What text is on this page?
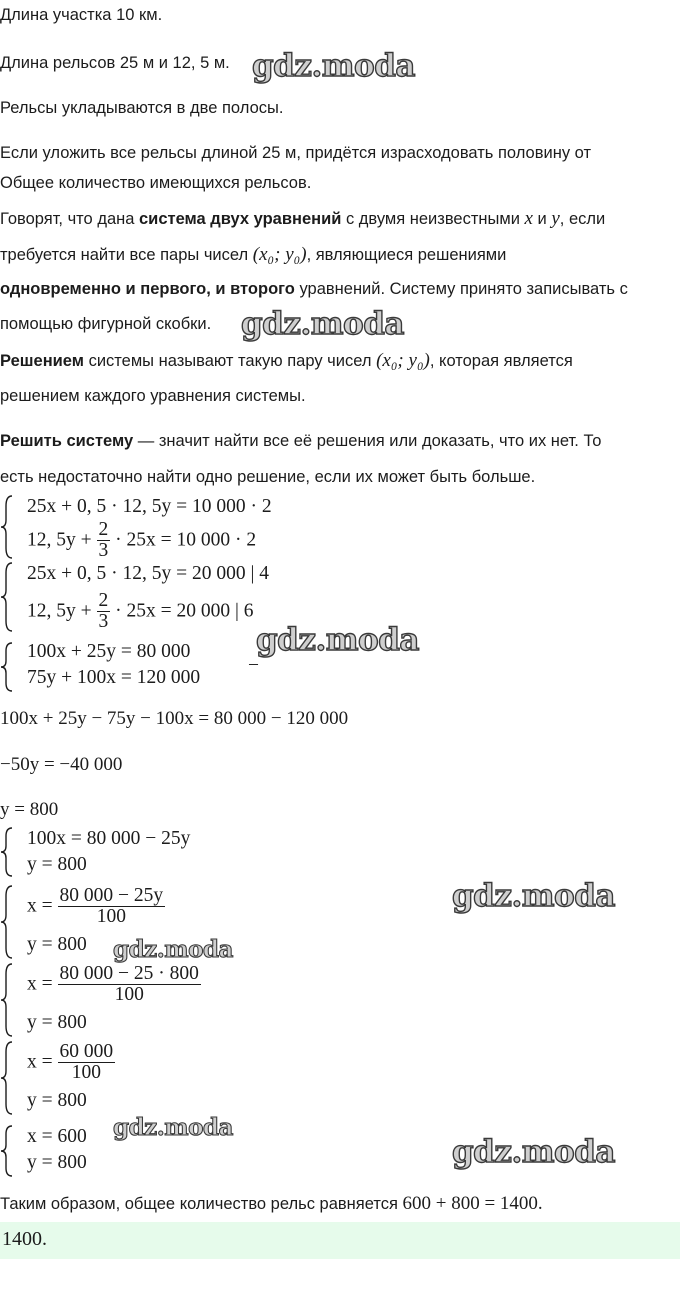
Длина участка 10 км.
Длина рельсов 25 м и 12, 5 м.
Рельсы укладываются в две полосы.
Если уложить все рельсы длиной 25 м, придётся израсходовать половину от
Общее количество имеющихся рельсов.
Говорят, что дана система двух уравнений с двумя неизвестными x и y, если
требуется найти все пары чисел (x₀; y₀), являющиеся решениями
одновременно и первого, и второго уравнений. Систему принято записывать с
помощью фигурной скобки.
Решением системы называют такую пару чисел (x₀; y₀), которая является
решением каждого уравнения системы.
Решить систему — значит найти все её решения или доказать, что их нет. То
есть недостаточно найти одно решение, если их может быть больше.
25x + 0, 5 · 12, 5y = 10 000 · 2
12, $5y + \frac{2}{3} \cdot 25x = 10$ 000 · 2
25x + 0, 5 · 12, 5y = 20 000 | 4
12, $5y + \frac{2}{3} \cdot 25x = 20$ 000 | 6
100x + 25y = 80 000
75y + 100x = 120 000
−
100x + 25y − 75y − 100x = 80 000 − 120 000
−50y = −40 000
y = 800
100x = 80 000 − 25y
y = 800
$x = \frac{80 000 - 25y}{100}$
y = 800
$x = \frac{80 000 - 25 \cdot 800}{100}$
y = 800
$x = \frac{60 000}{100}$
y = 800
x = 600
y = 800
Таким образом, общее количество рельс равняется 600 + 800 = 1400.
1400.
gdz.moda
gdz.moda
gdz.moda
gdz.moda
gdz.moda
gdz.moda
gdz.moda
